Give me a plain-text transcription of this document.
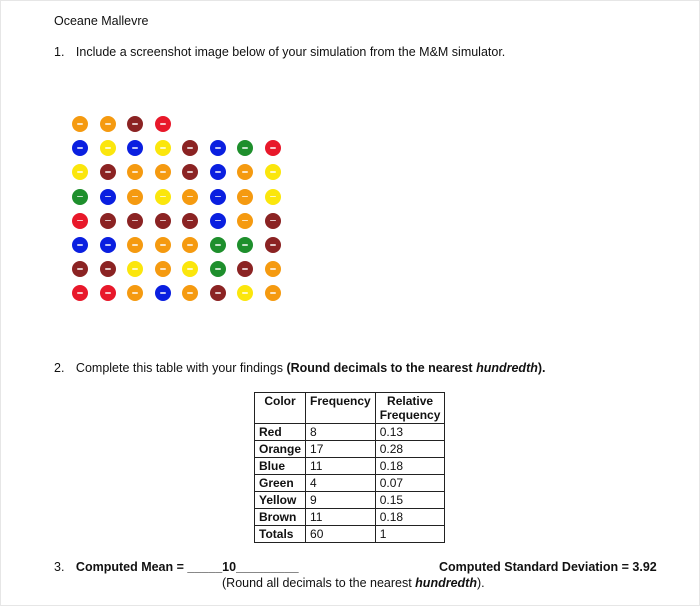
Oceane Mallevre
1. Include a screenshot image below of your simulation from the M&M simulator.
2. Complete this table with your findings (Round decimals to the nearest hundredth).
Color	Frequency	Relative Frequency
Red	8	0.13
Orange	17	0.28
Blue	11	0.18
Green	4	0.07
Yellow	9	0.15
Brown	11	0.18
Totals	60	1
3. Computed Mean = _____10_________	Computed Standard Deviation = 3.92
(Round all decimals to the nearest hundredth).
